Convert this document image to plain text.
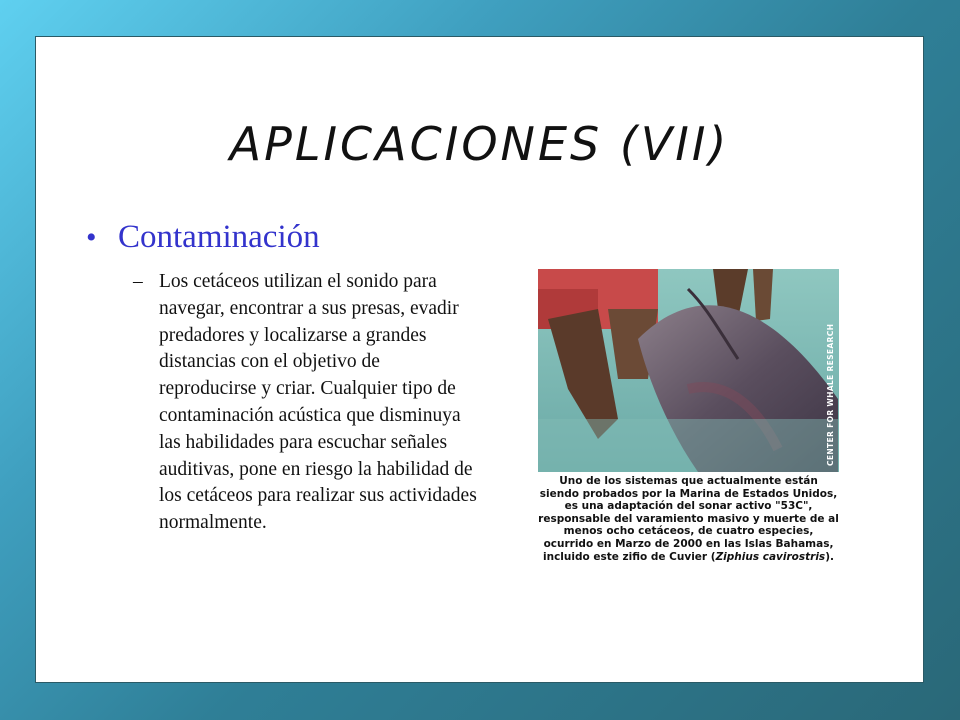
APLICACIONES (VII)
• Contaminación
– Los cetáceos utilizan el sonido para navegar, encontrar a sus presas, evadir predadores y localizarse a grandes distancias con el objetivo de reproducirse y criar. Cualquier tipo de contaminación acústica que disminuya las habilidades para escuchar señales auditivas, pone en riesgo la habilidad de los cetáceos para realizar sus actividades normalmente.
CENTER FOR WHALE RESEARCH
Uno de los sistemas que actualmente están siendo probados por la Marina de Estados Unidos, es una adaptación del sonar activo "53C", responsable del varamiento masivo y muerte de al menos ocho cetáceos, de cuatro especies, ocurrido en Marzo de 2000 en las Islas Bahamas, incluido este zifio de Cuvier (Ziphius cavirostris).
